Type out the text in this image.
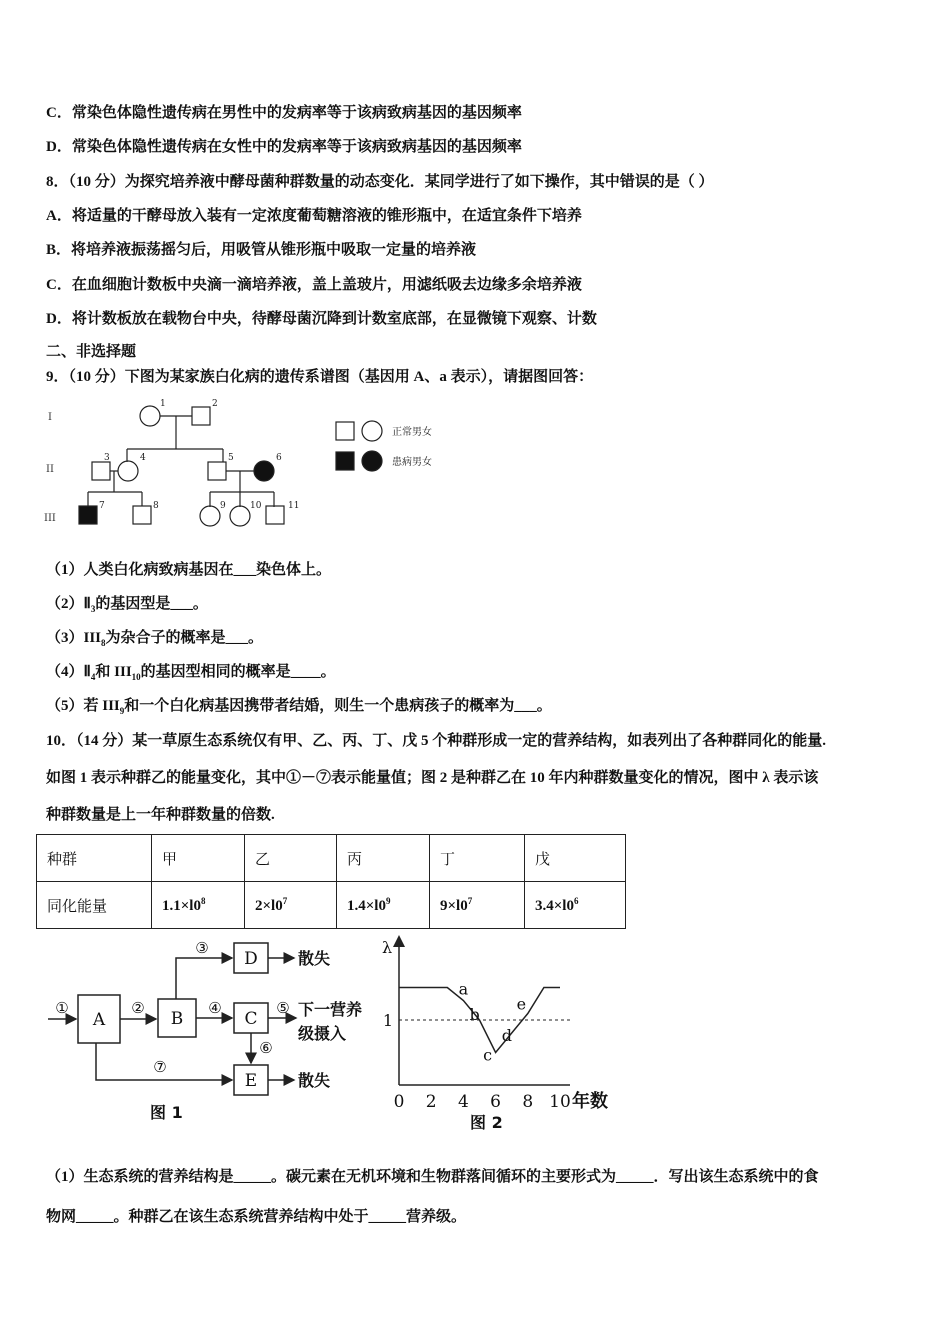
C．常染色体隐性遗传病在男性中的发病率等于该病致病基因的基因频率
D．常染色体隐性遗传病在女性中的发病率等于该病致病基因的基因频率
8．（10 分）为探究培养液中酵母菌种群数量的动态变化．某同学进行了如下操作，其中错误的是（ ）
A．将适量的干酵母放入装有一定浓度葡萄糖溶液的锥形瓶中，在适宜条件下培养
B．将培养液振荡摇匀后，用吸管从锥形瓶中吸取一定量的培养液
C．在血细胞计数板中央滴一滴培养液，盖上盖玻片，用滤纸吸去边缘多余培养液
D．将计数板放在载物台中央，待酵母菌沉降到计数室底部，在显微镜下观察、计数
二、非选择题
9．（10 分）下图为某家族白化病的遗传系谱图（基因用 A、a 表示），请据图回答：
I
II
III
1	2
3	4	5	6
7	8	9	10	11
正常男女
患病男女
（1）人类白化病致病基因在___染色体上。
$(2)Ⅱ_3$的基因型是___。
$(3)III_8$为杂合子的概率是___。
$(4)Ⅱ_4$和 $III_{10}$的基因型相同的概率是____。
（5）若 $III_9$和一个白化病基因携带者结婚，则生一个患病孩子的概率为___。
10．（14 分）某一草原生态系统仅有甲、乙、丙、丁、戊 5 个种群形成一定的营养结构，如表列出了各种群同化的能量.
如图 1 表示种群乙的能量变化，其中①－⑦表示能量值；图 2 是种群乙在 10 年内种群数量变化的情况，图中 λ 表示该
种群数量是上一年种群数量的倍数.
种群	甲	乙	丙	丁	戊
同化能量	$1.1\times l0^8$	$2\times l0^7$	$1.4\times l0^9$	$9\times l0^7$	$3.4\times l0^6$
A	B	C
D
E
①	②
③
④	⑤
⑥
⑦
散失
下一营养
级摄入
散失
图 1
0 2 4 6 8 10
1
λ
年数
a
b
c
d
e
图 2
（1）生态系统的营养结构是_____。碳元素在无机环境和生物群落间循环的主要形式为_____．写出该生态系统中的食
物网_____。种群乙在该生态系统营养结构中处于_____营养级。
